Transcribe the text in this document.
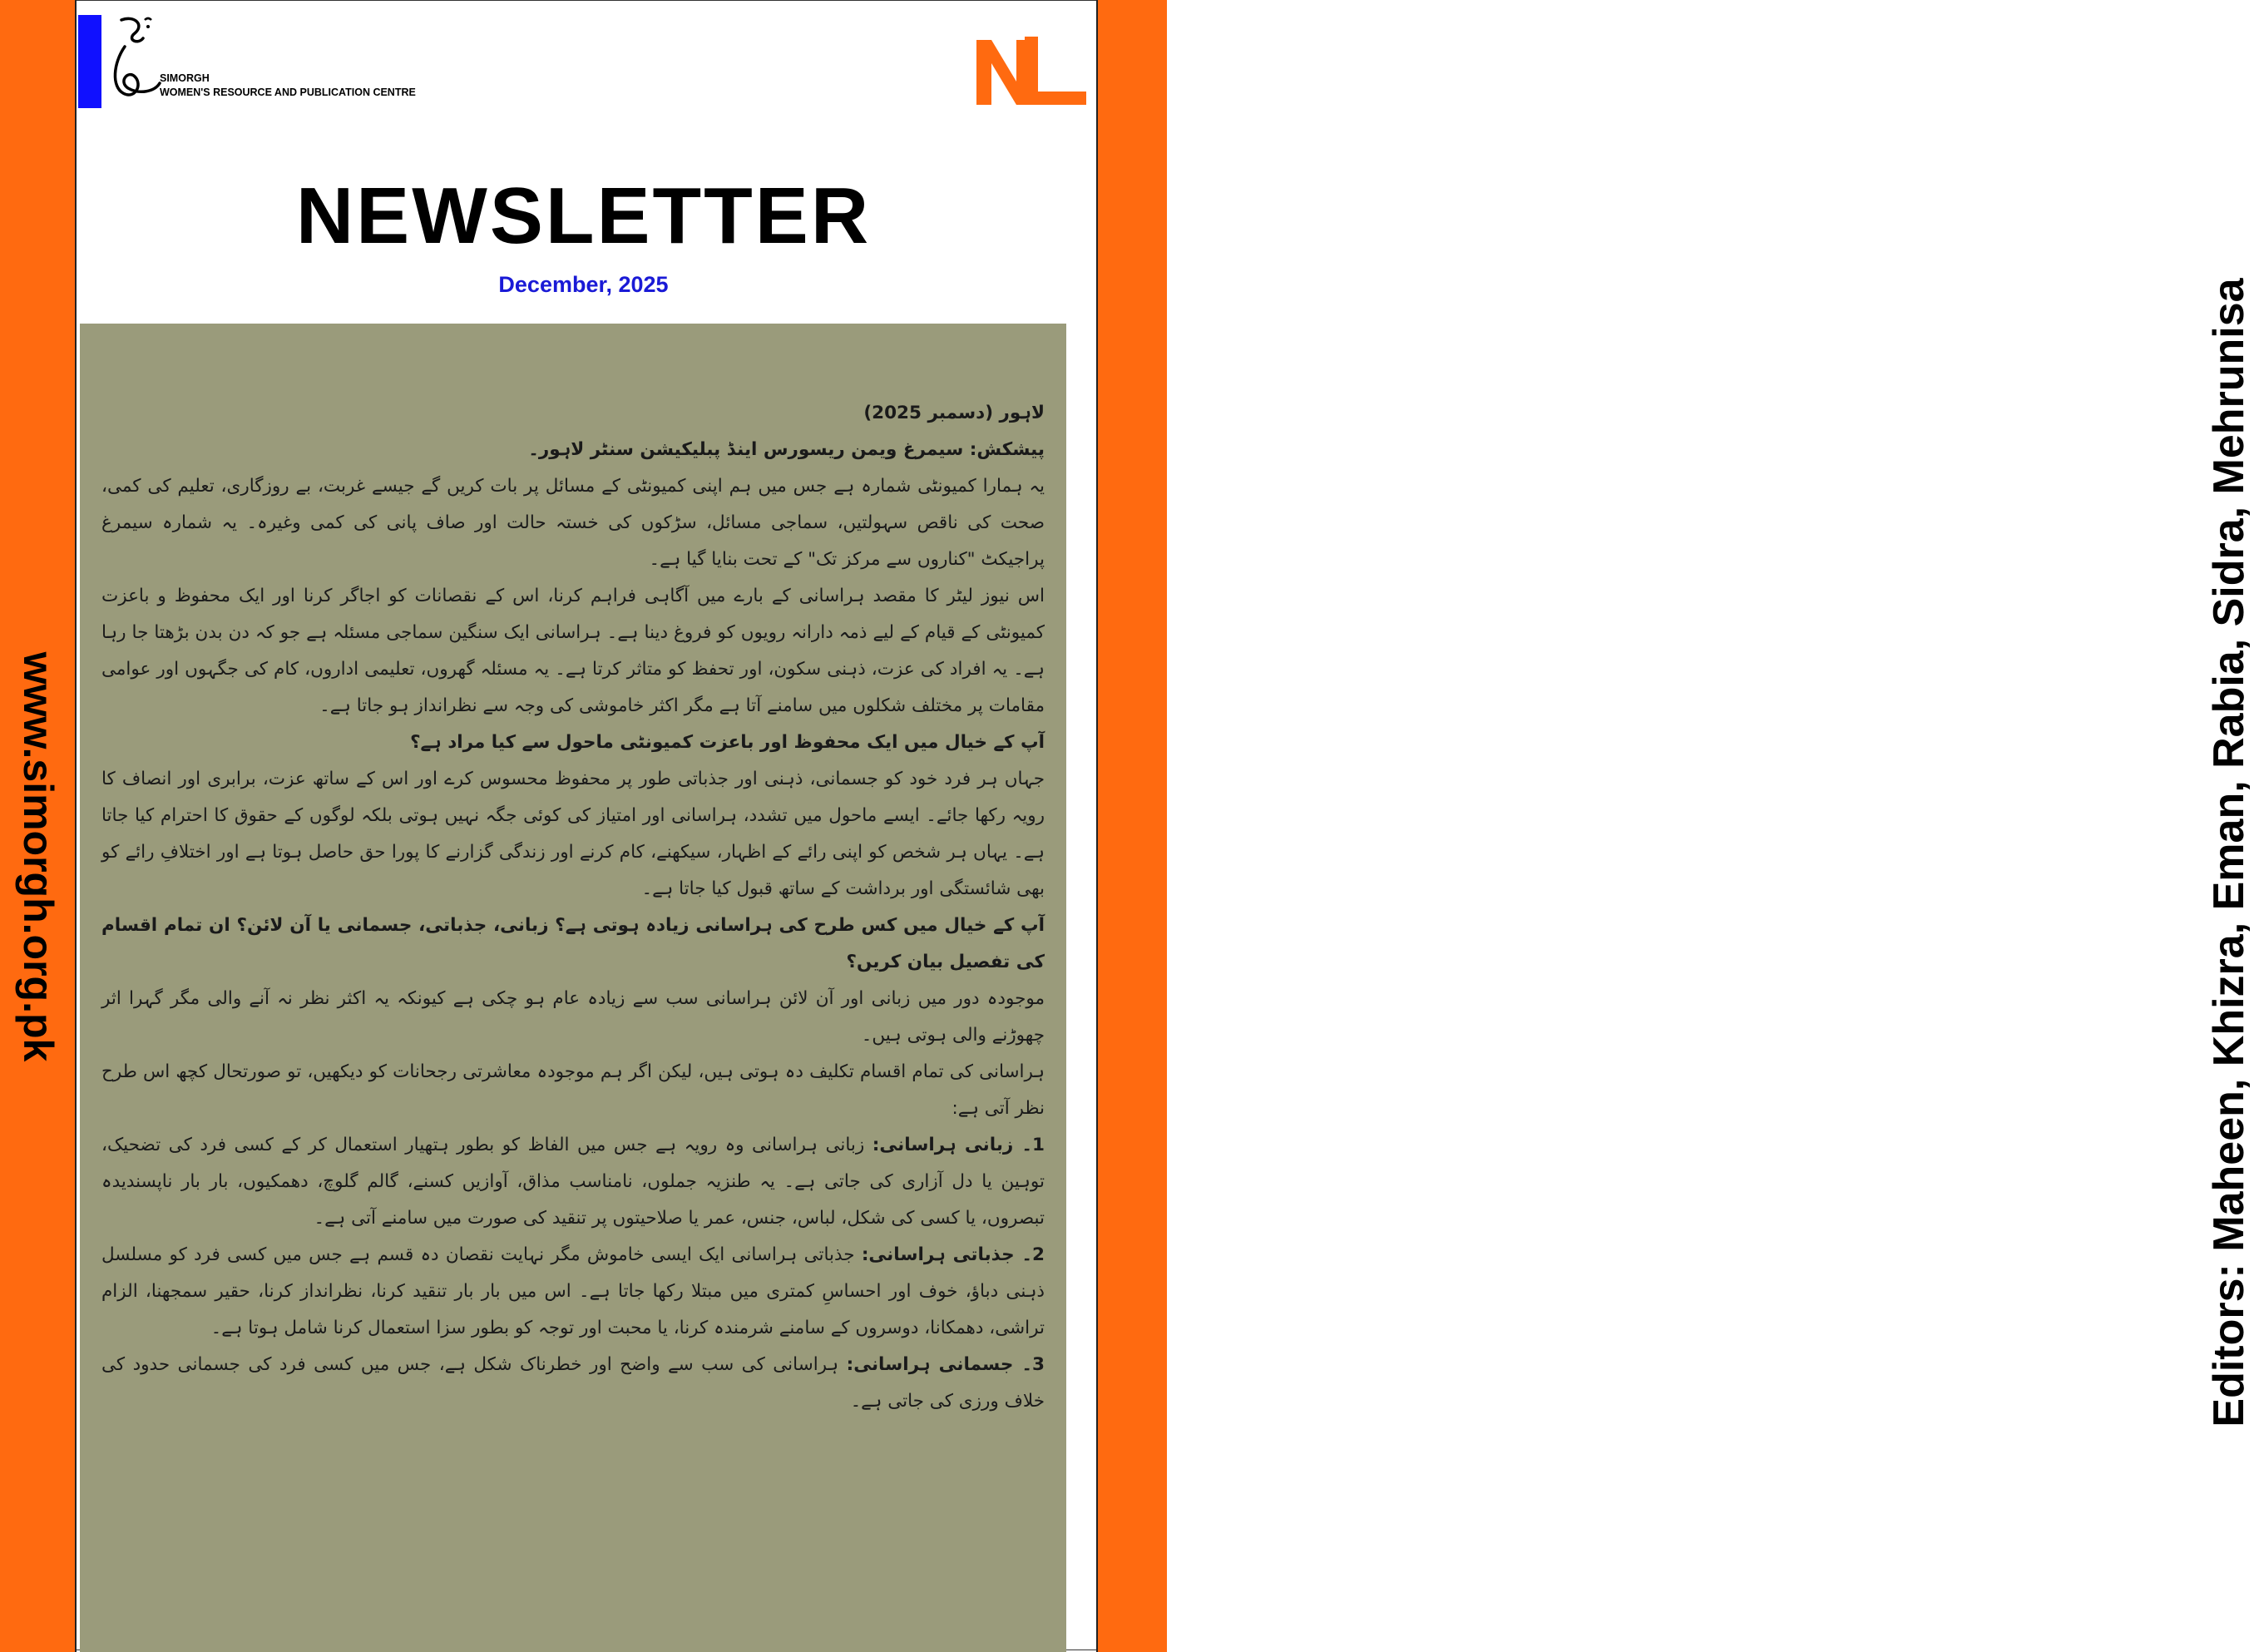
www.simorgh.org.pk	Editors: Maheen, Khizra, Eman, Rabia, Sidra, Mehrunisa
SIMORGH
WOMEN'S RESOURCE AND PUBLICATION CENTRE
NEWSLETTER
December, 2025

لاہور (دسمبر 2025)

پیشکش: سیمرغ ویمن ریسورس اینڈ پبلیکیشن سنٹر لاہور۔

یہ ہمارا کمیونٹی شمارہ ہے جس میں ہم اپنی کمیونٹی کے مسائل پر بات کریں گے جیسے غربت، بے روزگاری، تعلیم کی کمی، صحت کی ناقص سہولتیں، سماجی مسائل، سڑکوں کی خستہ حالت اور صاف پانی کی کمی وغیرہ۔ یہ شمارہ سیمرغ پراجیکٹ "کناروں سے مرکز تک" کے تحت بنایا گیا ہے۔

اس نیوز لیٹر کا مقصد ہراسانی کے بارے میں آگاہی فراہم کرنا، اس کے نقصانات کو اجاگر کرنا اور ایک محفوظ و باعزت کمیونٹی کے قیام کے لیے ذمہ دارانہ رویوں کو فروغ دینا ہے۔ ہراسانی ایک سنگین سماجی مسئلہ ہے جو کہ دن بدن بڑھتا جا رہا ہے۔ یہ افراد کی عزت، ذہنی سکون، اور تحفظ کو متاثر کرتا ہے۔ یہ مسئلہ گھروں، تعلیمی اداروں، کام کی جگہوں اور عوامی مقامات پر مختلف شکلوں میں سامنے آتا ہے مگر اکثر خاموشی کی وجہ سے نظرانداز ہو جاتا ہے۔

آپ کے خیال میں ایک محفوظ اور باعزت کمیونٹی ماحول سے کیا مراد ہے؟

جہاں ہر فرد خود کو جسمانی، ذہنی اور جذباتی طور پر محفوظ محسوس کرے اور اس کے ساتھ عزت، برابری اور انصاف کا رویہ رکھا جائے۔ ایسے ماحول میں تشدد، ہراسانی اور امتیاز کی کوئی جگہ نہیں ہوتی بلکہ لوگوں کے حقوق کا احترام کیا جاتا ہے۔ یہاں ہر شخص کو اپنی رائے کے اظہار، سیکھنے، کام کرنے اور زندگی گزارنے کا پورا حق حاصل ہوتا ہے اور اختلافِ رائے کو بھی شائستگی اور برداشت کے ساتھ قبول کیا جاتا ہے۔

آپ کے خیال میں کس طرح کی ہراسانی زیادہ ہوتی ہے؟ زبانی، جذباتی، جسمانی یا آن لائن؟ ان تمام اقسام کی تفصیل بیان کریں؟

موجودہ دور میں زبانی اور آن لائن ہراسانی سب سے زیادہ عام ہو چکی ہے کیونکہ یہ اکثر نظر نہ آنے والی مگر گہرا اثر چھوڑنے والی ہوتی ہیں۔

ہراسانی کی تمام اقسام تکلیف دہ ہوتی ہیں، لیکن اگر ہم موجودہ معاشرتی رجحانات کو دیکھیں، تو صورتحال کچھ اس طرح نظر آتی ہے:

1۔ زبانی ہراسانی: زبانی ہراسانی وہ رویہ ہے جس میں الفاظ کو بطور ہتھیار استعمال کر کے کسی فرد کی تضحیک، توہین یا دل آزاری کی جاتی ہے۔ یہ طنزیہ جملوں، نامناسب مذاق، آوازیں کسنے، گالم گلوچ، دھمکیوں، بار بار ناپسندیدہ تبصروں، یا کسی کی شکل، لباس، جنس، عمر یا صلاحیتوں پر تنقید کی صورت میں سامنے آتی ہے۔

2۔ جذباتی ہراسانی: جذباتی ہراسانی ایک ایسی خاموش مگر نہایت نقصان دہ قسم ہے جس میں کسی فرد کو مسلسل ذہنی دباؤ، خوف اور احساسِ کمتری میں مبتلا رکھا جاتا ہے۔ اس میں بار بار تنقید کرنا، نظرانداز کرنا، حقیر سمجھنا، الزام تراشی، دھمکانا، دوسروں کے سامنے شرمندہ کرنا، یا محبت اور توجہ کو بطور سزا استعمال کرنا شامل ہوتا ہے۔

3۔ جسمانی ہراسانی: ہراسانی کی سب سے واضح اور خطرناک شکل ہے، جس میں کسی فرد کی جسمانی حدود کی خلاف ورزی کی جاتی ہے۔
